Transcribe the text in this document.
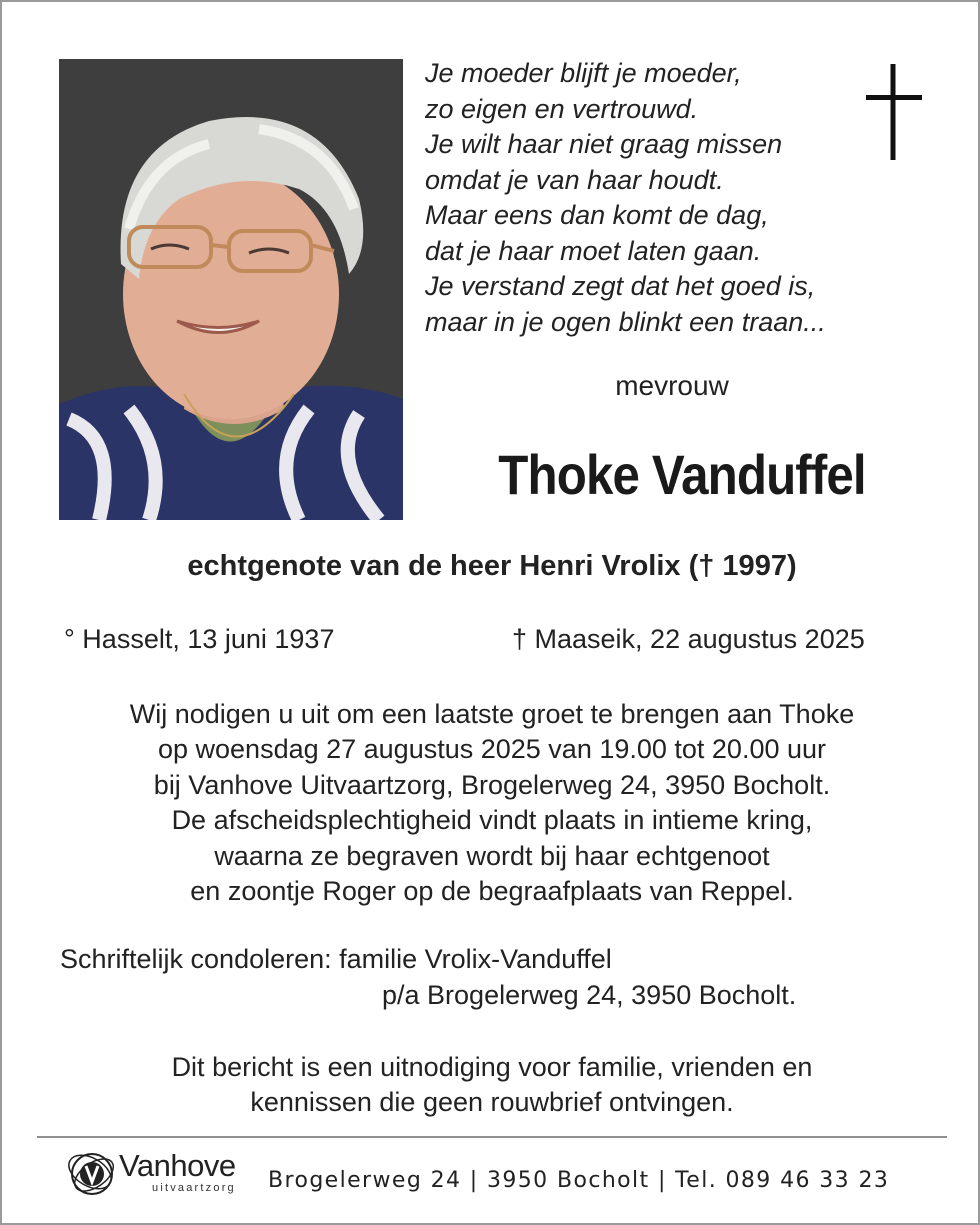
Je moeder blijft je moeder,
zo eigen en vertrouwd.
Je wilt haar niet graag missen
omdat je van haar houdt.
Maar eens dan komt de dag,
dat je haar moet laten gaan.
Je verstand zegt dat het goed is,
maar in je ogen blinkt een traan...
mevrouw
Thoke Vanduffel
echtgenote van de heer Henri Vrolix († 1997)
° Hasselt, 13 juni 1937	† Maaseik, 22 augustus 2025
Wij nodigen u uit om een laatste groet te brengen aan Thoke
op woensdag 27 augustus 2025 van 19.00 tot 20.00 uur
bij Vanhove Uitvaartzorg, Brogelerweg 24, 3950 Bocholt.
De afscheidsplechtigheid vindt plaats in intieme kring,
waarna ze begraven wordt bij haar echtgenoot
en zoontje Roger op de begraafplaats van Reppel.
Schriftelijk condoleren: familie Vrolix-Vanduffel
p/a Brogelerweg 24, 3950 Bocholt.
Dit bericht is een uitnodiging voor familie, vrienden en
kennissen die geen rouwbrief ontvingen.
Vanhove
uitvaartzorg Brogelerweg 24 | 3950 Bocholt | Tel. 089 46 33 23
